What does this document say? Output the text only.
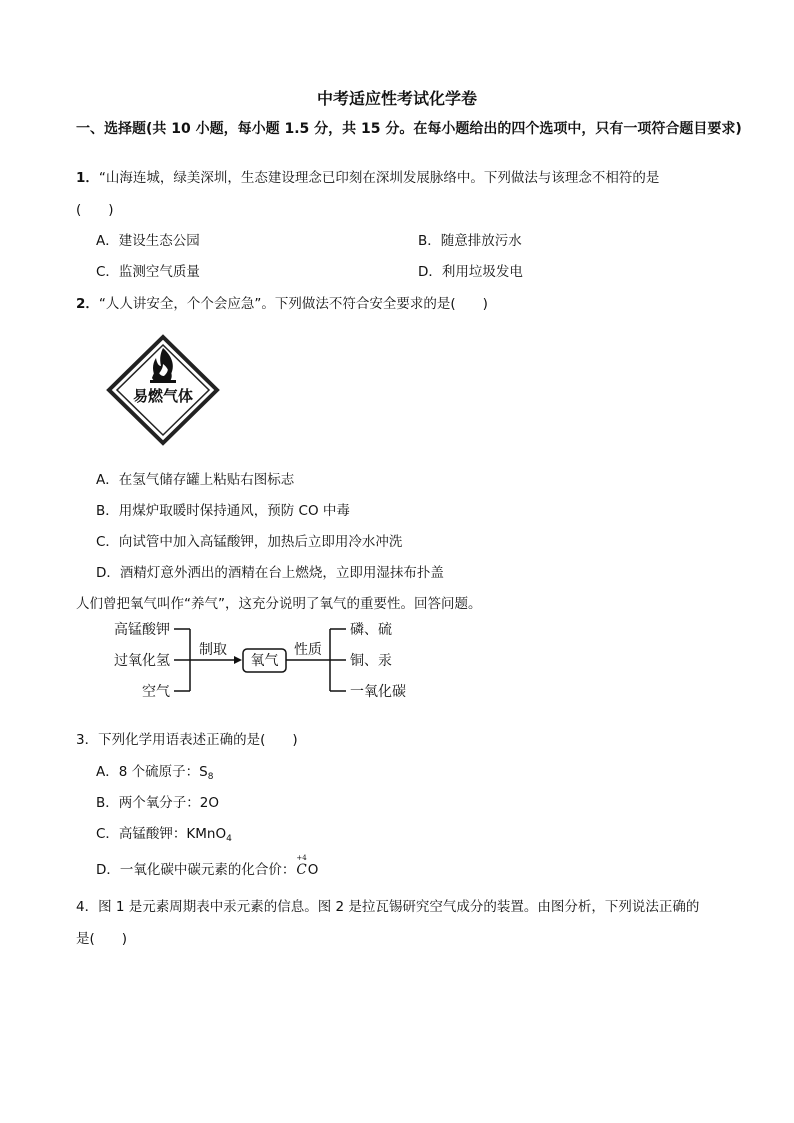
中考适应性考试化学卷
一、选择题(共 10 小题，每小题 1.5 分，共 15 分。在每小题给出的四个选项中，只有一项符合题目要求)
1．“山海连城，绿美深圳，生态建设理念已印刻在深圳发展脉络中。下列做法与该理念不相符的是
(　　)
A．建设生态公园	B．随意排放污水
C．监测空气质量	D．利用垃圾发电
2．“人人讲安全，个个会应急”。下列做法不符合安全要求的是(　　)
易燃气体
A．在氢气储存罐上粘贴右图标志
B．用煤炉取暖时保持通风，预防 CO 中毒
C．向试管中加入高锰酸钾，加热后立即用冷水冲洗
D．酒精灯意外洒出的酒精在台上燃烧，立即用湿抹布扑盖
人们曾把氧气叫作“养气”，这充分说明了氧气的重要性。回答问题。
高锰酸钾
过氧化氢
空气
制取
氧气
性质
磷、硫
铜、汞
一氧化碳
3．下列化学用语表述正确的是(　　)
A．8 个硫原子：$S_8$
B．两个氧分子：2O
C．高锰酸钾：KMnO$_4$
D．一氧化碳中碳元素的化合价：
+4
CO
4．图 1 是元素周期表中汞元素的信息。图 2 是拉瓦锡研究空气成分的装置。由图分析，下列说法正确的
是(　　)
